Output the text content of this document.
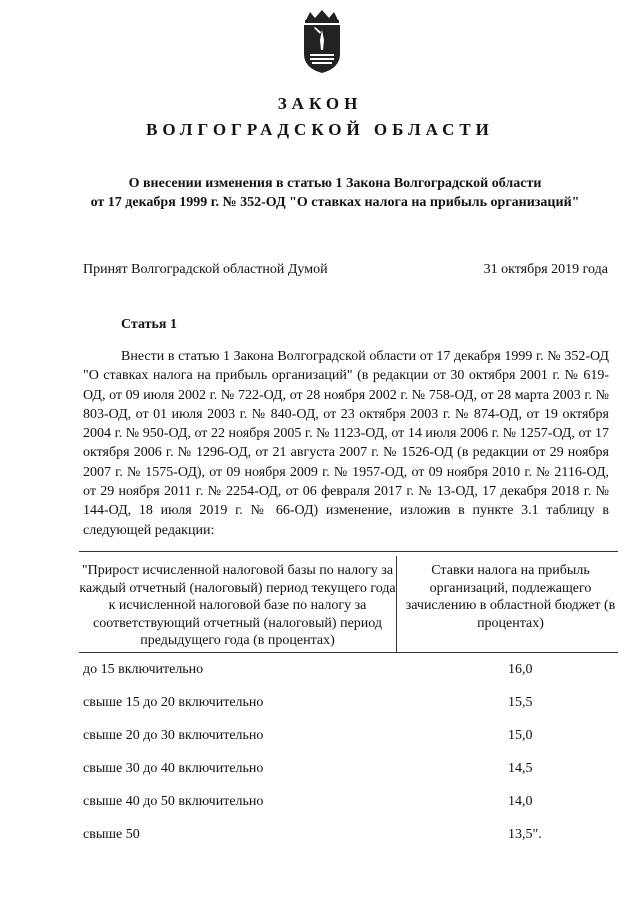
ЗАКОН
ВОЛГОГРАДСКОЙ ОБЛАСТИ
О внесении изменения в статью 1 Закона Волгоградской области
от 17 декабря 1999 г. № 352-ОД "О ставках налога на прибыль организаций"
Принят Волгоградской областной Думой	31 октября 2019 года
Статья 1
Внести в статью 1 Закона Волгоградской области от 17 декабря 1999 г. № 352-ОД "О ставках налога на прибыль организаций" (в редакции от 30 октября 2001 г. № 619-ОД, от 09 июля 2002 г. № 722-ОД, от 28 ноября 2002 г. № 758-ОД, от 28 марта 2003 г. № 803-ОД, от 01 июля 2003 г. № 840-ОД, от 23 октября 2003 г. № 874-ОД, от 19 октября 2004 г. № 950-ОД, от 22 ноября 2005 г. № 1123-ОД, от 14 июля 2006 г. № 1257-ОД, от 17 октября 2006 г. № 1296-ОД, от 21 августа 2007 г. № 1526-ОД (в редакции от 29 ноября 2007 г. № 1575-ОД), от 09 ноября 2009 г. № 1957-ОД, от 09 ноября 2010 г. № 2116-ОД, от 29 ноября 2011 г. № 2254-ОД, от 06 февраля 2017 г. № 13-ОД, 17 декабря 2018 г. № 144-ОД, 18 июля 2019 г. № 66-ОД) изменение, изложив в пункте 3.1 таблицу в следующей редакции:
"Прирост исчисленной налоговой базы по налогу за каждый отчетный (налоговый) период текущего года к исчисленной налоговой базе по налогу за соответствующий отчетный (налоговый) период предыдущего года (в процентах)
Ставки налога на прибыль организаций, подлежащего зачислению в областной бюджет (в процентах)
до 15 включительно	16,0
свыше 15 до 20 включительно	15,5
свыше 20 до 30 включительно	15,0
свыше 30 до 40 включительно	14,5
свыше 40 до 50 включительно	14,0
свыше 50	13,5".
